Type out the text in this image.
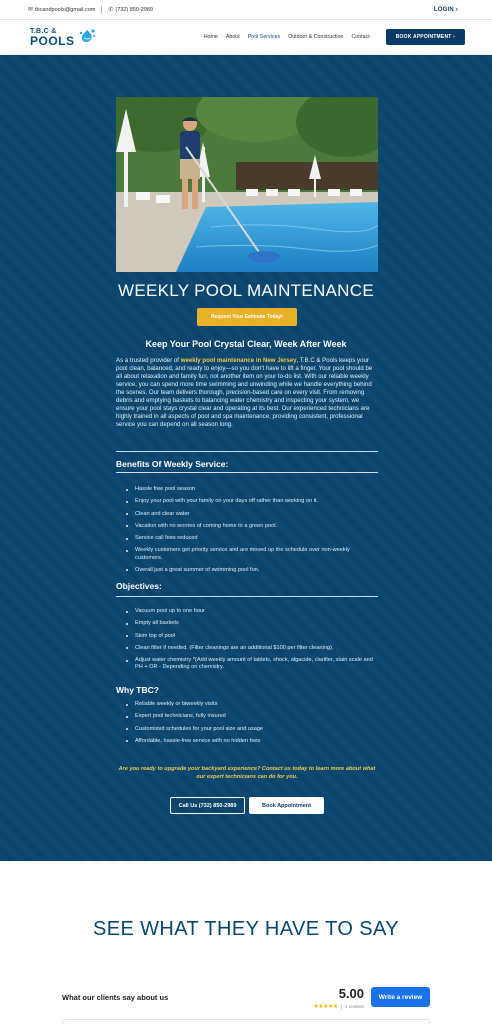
✉ tbcandpools@gmail.com ✆ (732) 850-2989	LOGIN ›
T.B.C &
POOLS	Home About Pool Services Outdoor & Construction Contact	BOOK APPOINTMENT ›
WEEKLY POOL MAINTENANCE
Request Your Estimate Today!
Keep Your Pool Crystal Clear, Week After Week

As a trusted provider of weekly pool maintenance in New Jersey, T.B.C & Pools keeps your pool clean, balanced, and ready to enjoy—so you don't have to lift a finger. Your pool should be all about relaxation and family fun, not another item on your to-do list. With our reliable weekly service, you can spend more time swimming and unwinding while we handle everything behind the scenes. Our team delivers thorough, precision-based care on every visit. From removing debris and emptying baskets to balancing water chemistry and inspecting your system, we ensure your pool stays crystal clear and operating at its best. Our experienced technicians are highly trained in all aspects of pool and spa maintenance, providing consistent, professional service you can depend on all season long.

Benefits Of Weekly Service:
Hassle free pool season
Enjoy your pool with your family on your days off rather than working on it.
Clean and clear water
Vacation with no worries of coming home to a green pool.
Service call fees reduced
Weekly customers get priority service and are moved up the schedule over non-weekly customers.
Overall just a great summer of swimming pool fun.
Objectives:
Vacuum pool up to one hour
Empty all baskets
Skim top of pool
Clean filter if needed. (Filter cleanings are an additional $100 per filter cleaning).
Adjust water chemistry *(Add weekly amount of tablets, shock, algacide, clarifier, stain scale and PH + OR - Depending on chemistry.
Why TBC?
Reliable weekly or biweekly visits
Expert pool technicians, fully insured
Customized schedules for your pool size and usage
Affordable, hassle-free service with no hidden fees
Are you ready to upgrade your backyard experience? Contact us today to learn more about what our expert technicians can do for you.
Call Us (732) 850-2989	Book Appointment
SEE WHAT THEY HAVE TO SAY
What our clients say about us	5.00
★★★★★ | 4 reviews
Write a review
